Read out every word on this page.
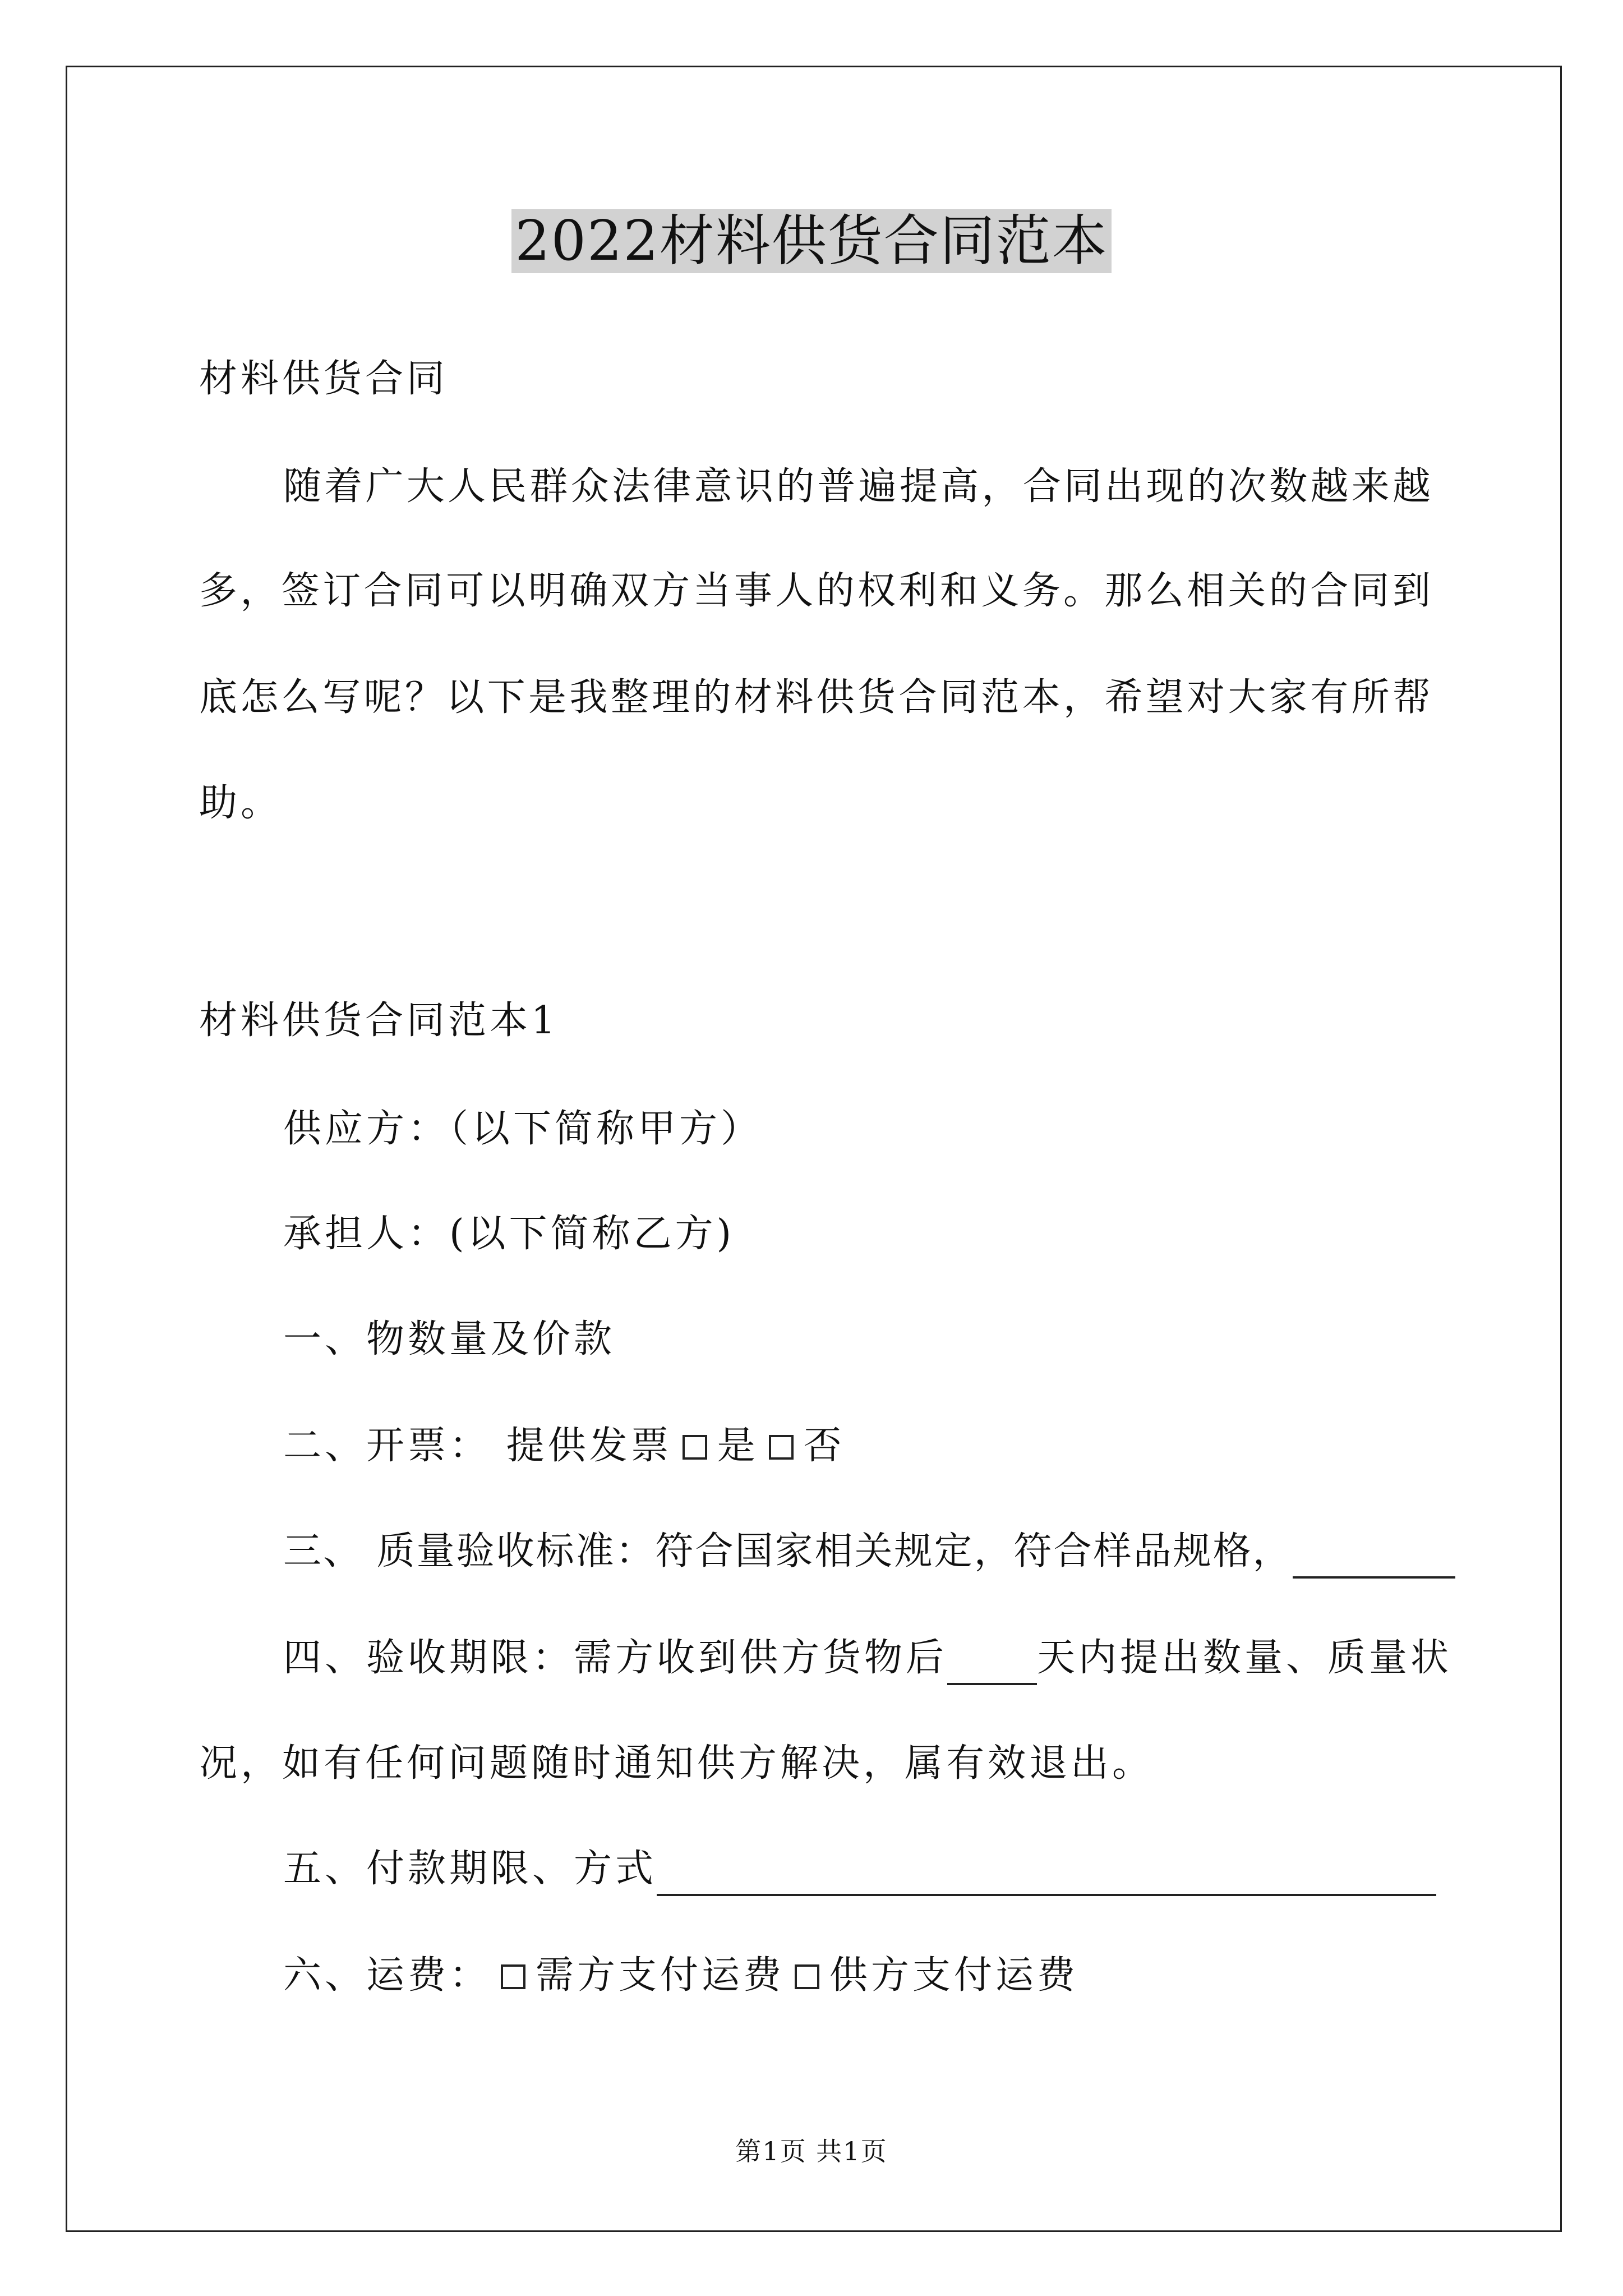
2022材料供货合同范本
材料供货合同
随着广大人民群众法律意识的普遍提高，合同出现的次数越来越
多，签订合同可以明确双方当事人的权利和义务。那么相关的合同到
底怎么写呢？以下是我整理的材料供货合同范本，希望对大家有所帮
助。
材料供货合同范本1
供应方：（以下简称甲方）
承担人：(以下简称乙方)
一、物数量及价款
二、开票： 提供发票 是 否
三、 质量验收标准：符合国家相关规定，符合样品规格，
四、验收期限：需方收到供方货物后 天内提出数量、质量状
况，如有任何问题随时通知供方解决，属有效退出。
五、付款期限、方式
六、运费： 需方支付运费 供方支付运费
第1页 共1页
